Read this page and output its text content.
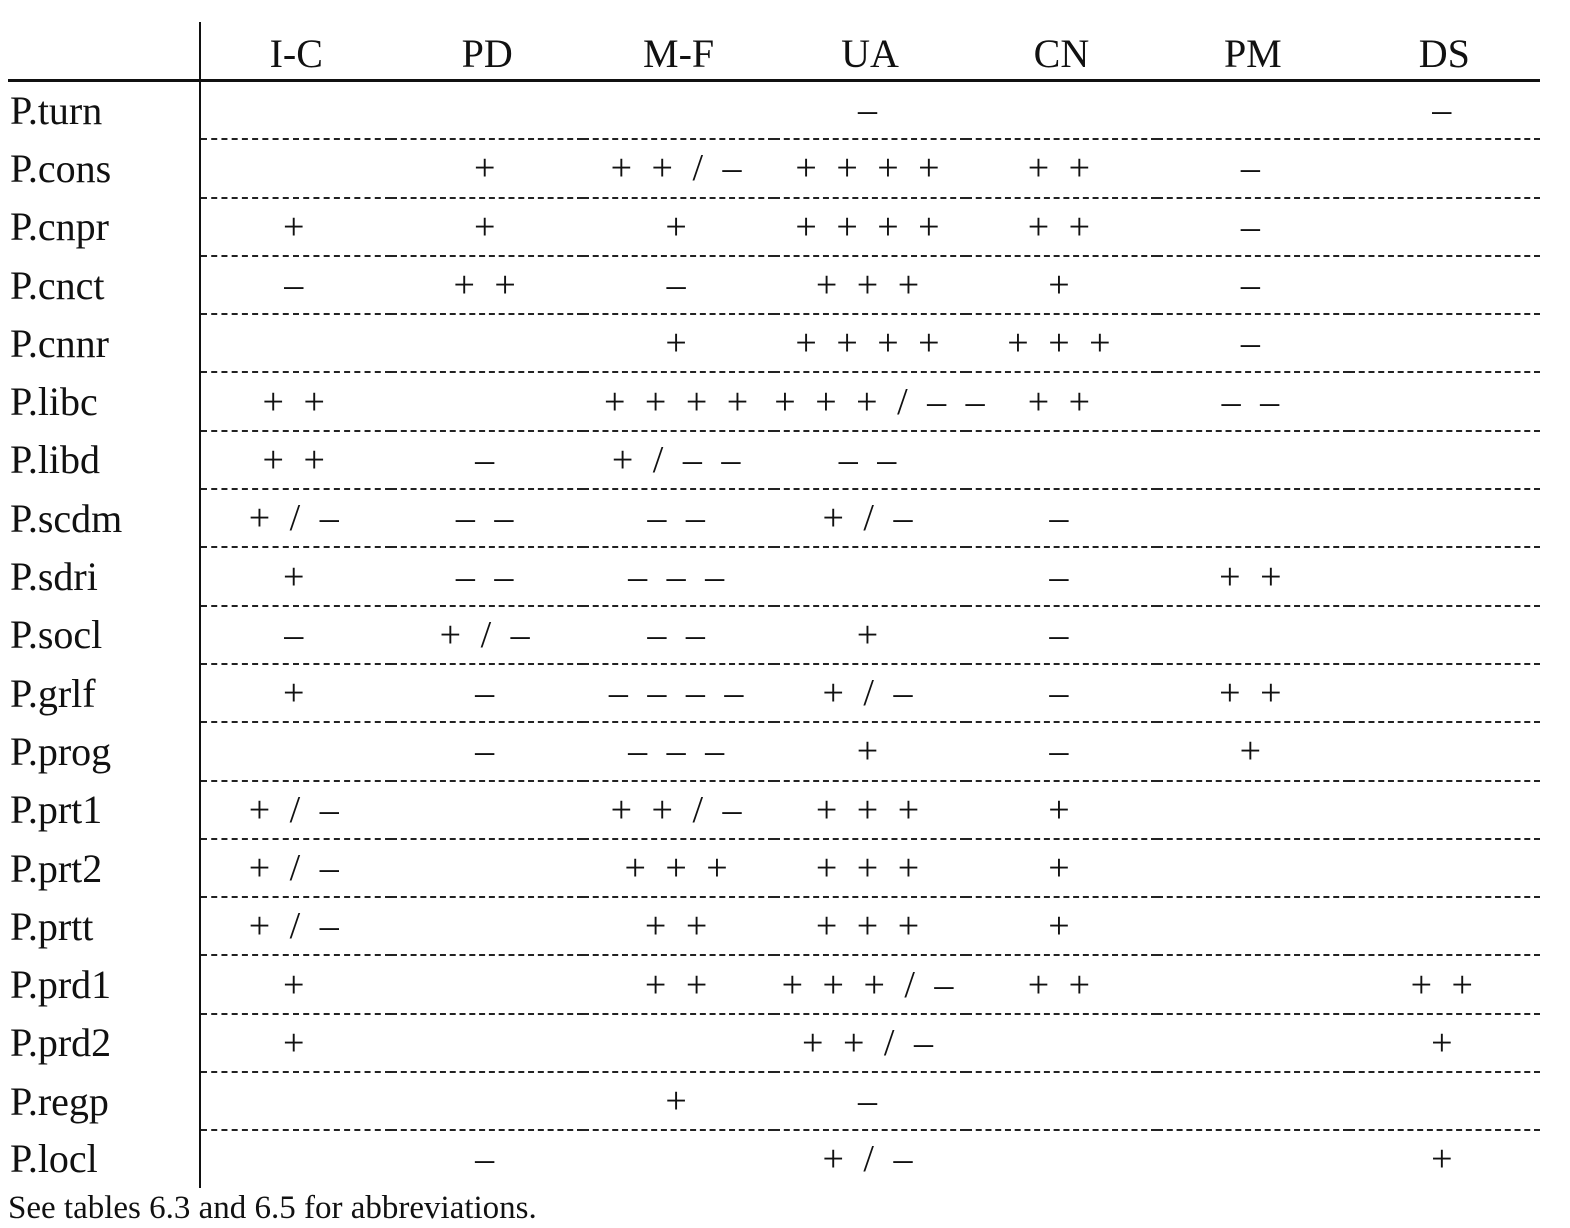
	I-C	PD	M-F	UA	CN	PM	DS
P.turn				–			–
P.cons		+	+ + / –	+ + + +	+ +	–	
P.cnpr	+	+	+	+ + + +	+ +	–	
P.cnct	–	+ +	–	+ + +	+	–	
P.cnnr			+	+ + + +	+ + +	–	
P.libc	+ +		+ + + +	+ + + / – –	+ +	– –	
P.libd	+ +	–	+ / – –	– –			
P.scdm	+ / –	– –	– –	+ / –	–		
P.sdri	+	– –	– – –		–	+ +	
P.socl	–	+ / –	– –	+	–		
P.grlf	+	–	– – – –	+ / –	–	+ +	
P.prog		–	– – –	+	–	+	
P.prt1	+ / –		+ + / –	+ + +	+		
P.prt2	+ / –		+ + +	+ + +	+		
P.prtt	+ / –		+ +	+ + +	+		
P.prd1	+		+ +	+ + + / –	+ +		+ +
P.prd2	+			+ + / –			+
P.regp			+	–			
P.locl		–		+ / –			+
See tables 6.3 and 6.5 for abbreviations.
